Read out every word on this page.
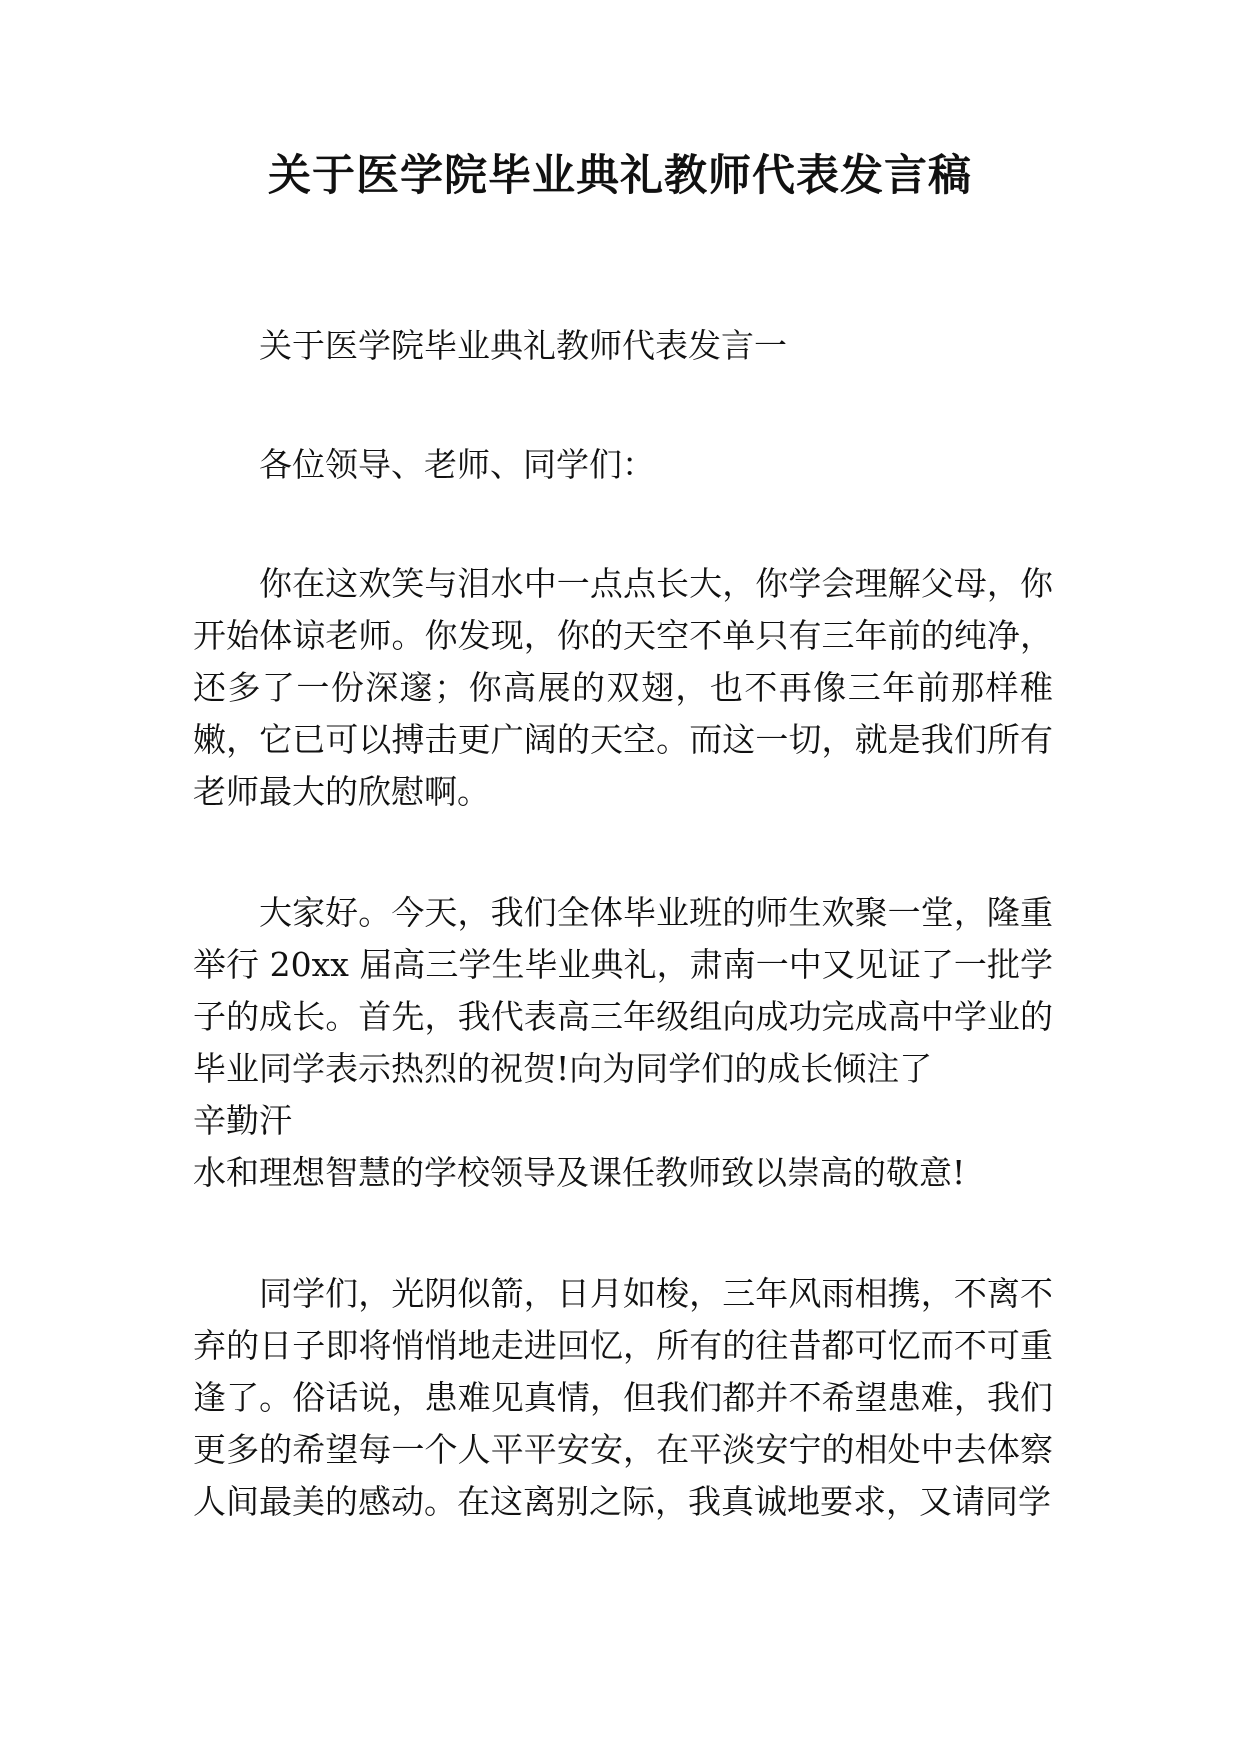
关于医学院毕业典礼教师代表发言稿

关于医学院毕业典礼教师代表发言一

各位领导、老师、同学们：

你在这欢笑与泪水中一点点长大，你学会理解父母，你开始体谅老师。你发现，你的天空不单只有三年前的纯净，还多了一份深邃；你高展的双翅，也不再像三年前那样稚嫩，它已可以搏击更广阔的天空。而这一切，就是我们所有老师最大的欣慰啊。

大家好。今天，我们全体毕业班的师生欢聚一堂，隆重举行 20xx 届高三学生毕业典礼，肃南一中又见证了一批学 子的成长。首先，我代表高三年级组向成功完成高中学业的 毕业同学表示热烈的祝贺!向为同学们的成长倾注了
辛勤汗
水和理想智慧的学校领导及课任教师致以崇高的敬意!

同学们，光阴似箭，日月如梭，三年风雨相携，不离不弃的日子即将悄悄地走进回忆，所有的往昔都可忆而不可重逢了。俗话说，患难见真情，但我们都并不希望患难，我们更多的希望每一个人平平安安，在平淡安宁的相处中去体察人间最美的感动。在这离别之际，我真诚地要求，又请同学
